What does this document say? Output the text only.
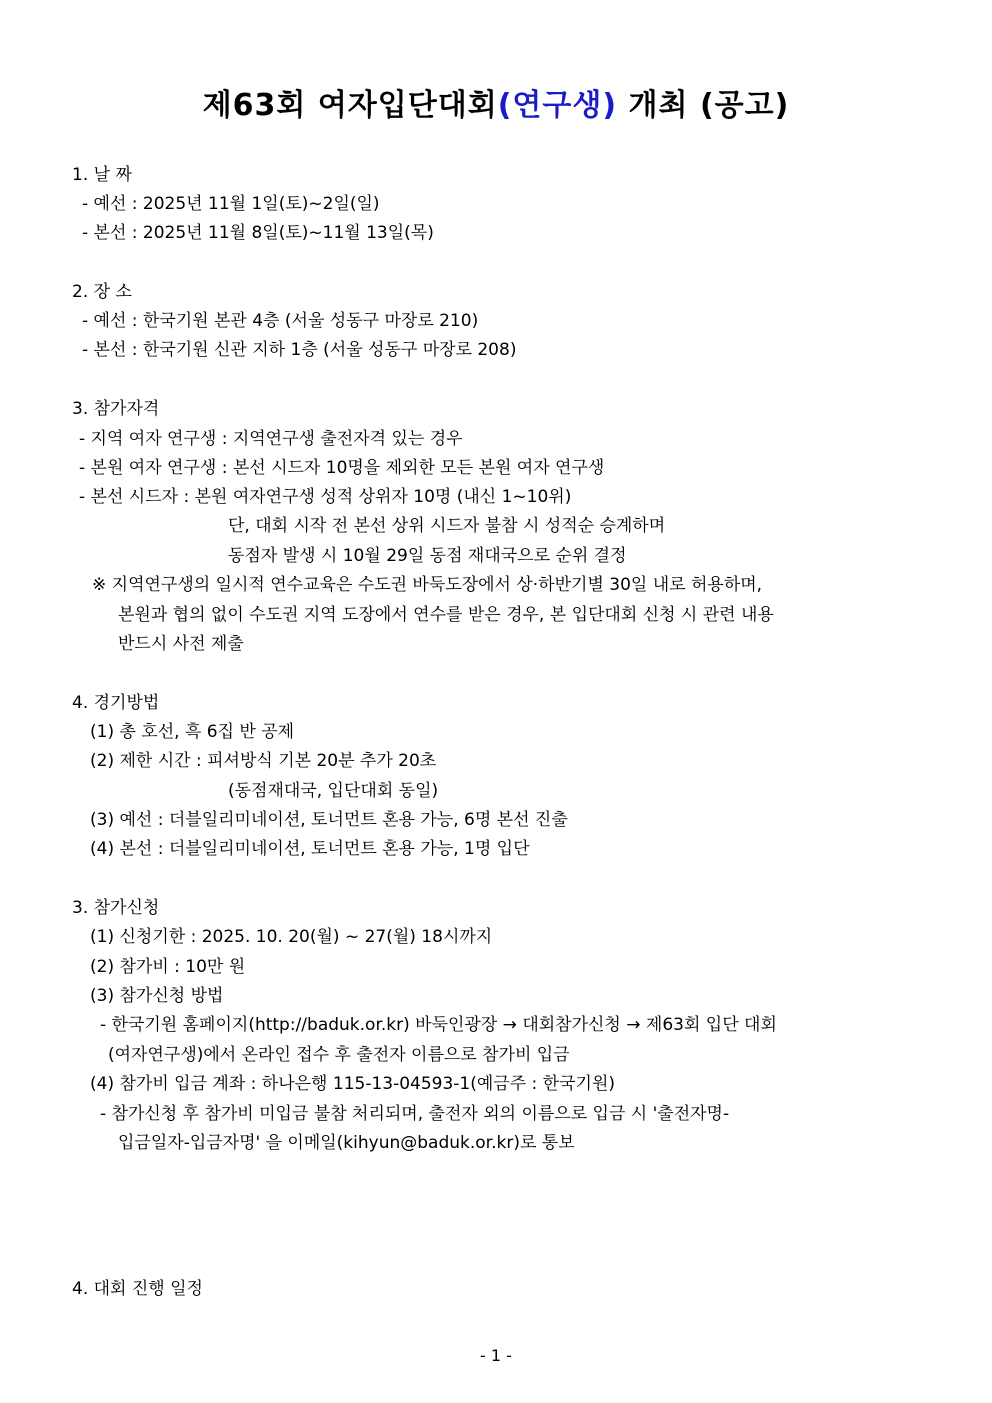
제63회 여자입단대회(연구생) 개최 (공고)
1. 날 짜
- 예선 : 2025년 11월 1일(토)~2일(일)
- 본선 : 2025년 11월 8일(토)~11월 13일(목)
2. 장 소
- 예선 : 한국기원 본관 4층 (서울 성동구 마장로 210)
- 본선 : 한국기원 신관 지하 1층 (서울 성동구 마장로 208)
3. 참가자격
- 지역 여자 연구생 : 지역연구생 출전자격 있는 경우
- 본원 여자 연구생 : 본선 시드자 10명을 제외한 모든 본원 여자 연구생
- 본선 시드자 : 본원 여자연구생 성적 상위자 10명 (내신 1~10위)
단, 대회 시작 전 본선 상위 시드자 불참 시 성적순 승계하며
동점자 발생 시 10월 29일 동점 재대국으로 순위 결정
※ 지역연구생의 일시적 연수교육은 수도권 바둑도장에서 상·하반기별 30일 내로 허용하며,
본원과 협의 없이 수도권 지역 도장에서 연수를 받은 경우, 본 입단대회 신청 시 관련 내용
반드시 사전 제출
4. 경기방법
(1) 총 호선, 흑 6집 반 공제
(2) 제한 시간 : 피셔방식 기본 20분 추가 20초
(동점재대국, 입단대회 동일)
(3) 예선 : 더블일리미네이션, 토너먼트 혼용 가능, 6명 본선 진출
(4) 본선 : 더블일리미네이션, 토너먼트 혼용 가능, 1명 입단
3. 참가신청
(1) 신청기한 : 2025. 10. 20(월) ~ 27(월) 18시까지
(2) 참가비 : 10만 원
(3) 참가신청 방법
- 한국기원 홈페이지(http://baduk.or.kr) 바둑인광장 → 대회참가신청 → 제63회 입단 대회
(여자연구생)에서 온라인 접수 후 출전자 이름으로 참가비 입금
(4) 참가비 입금 계좌 : 하나은행 115-13-04593-1(예금주 : 한국기원)
- 참가신청 후 참가비 미입금 불참 처리되며, 출전자 외의 이름으로 입금 시 '출전자명-
입금일자-입금자명' 을 이메일(kihyun@baduk.or.kr)로 통보
4. 대회 진행 일정
- 1 -
